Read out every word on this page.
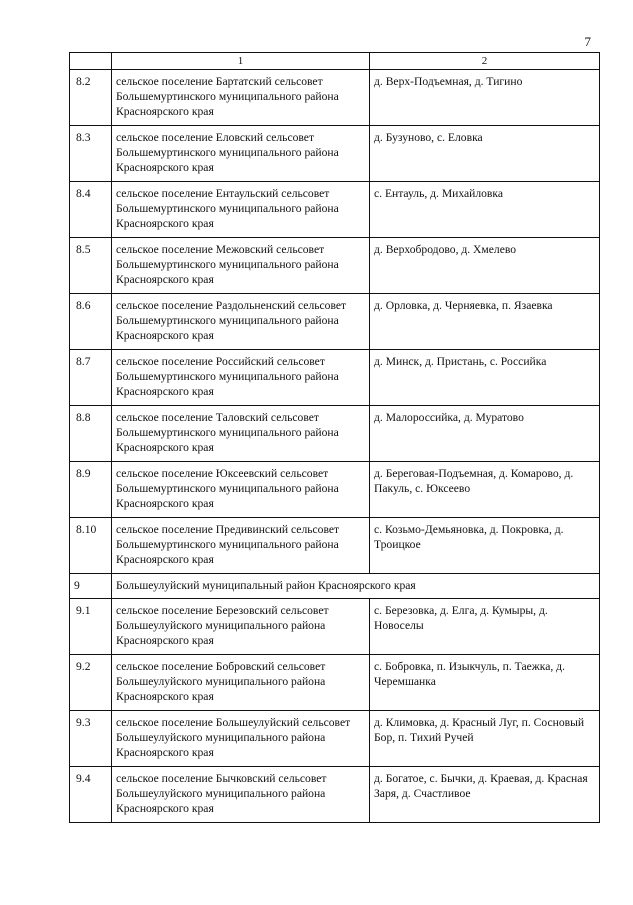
7
	1	2
8.2	сельское поселение Бартатский сельсовет Большемуртинского муниципального района Красноярского края	д. Верх-Подъемная, д. Тигино
8.3	сельское поселение Еловский сельсовет Большемуртинского муниципального района Красноярского края	д. Бузуново, с. Еловка
8.4	сельское поселение Ентаульский сельсовет Большемуртинского муниципального района Красноярского края	с. Ентауль, д. Михайловка
8.5	сельское поселение Межовский сельсовет Большемуртинского муниципального района Красноярского края	д. Верхобродово, д. Хмелево
8.6	сельское поселение Раздольненский сельсовет Большемуртинского муниципального района Красноярского края	д. Орловка, д. Черняевка, п. Язаевка
8.7	сельское поселение Российский сельсовет Большемуртинского муниципального района Красноярского края	д. Минск, д. Пристань, с. Российка
8.8	сельское поселение Таловский сельсовет Большемуртинского муниципального района Красноярского края	д. Малороссийка, д. Муратово
8.9	сельское поселение Юксеевский сельсовет Большемуртинского муниципального района Красноярского края	д. Береговая-Подъемная, д. Комарово, д. Пакуль, с. Юксеево
8.10	сельское поселение Предивинский сельсовет Большемуртинского муниципального района Красноярского края	с. Козьмо-Демьяновка, д. Покровка, д. Троицкое
9	Большеулуйский муниципальный район Красноярского края	
9.1	сельское поселение Березовский сельсовет Большеулуйского муниципального района Красноярского края	с. Березовка, д. Елга, д. Кумыры, д. Новоселы
9.2	сельское поселение Бобровский сельсовет Большеулуйского муниципального района Красноярского края	с. Бобровка, п. Изыкчуль, п. Таежка, д. Черемшанка
9.3	сельское поселение Большеулуйский сельсовет Большеулуйского муниципального района Красноярского края	д. Климовка, д. Красный Луг, п. Сосновый Бор, п. Тихий Ручей
9.4	сельское поселение Бычковский сельсовет Большеулуйского муниципального района Красноярского края	д. Богатое, с. Бычки, д. Краевая, д. Красная Заря, д. Счастливое
